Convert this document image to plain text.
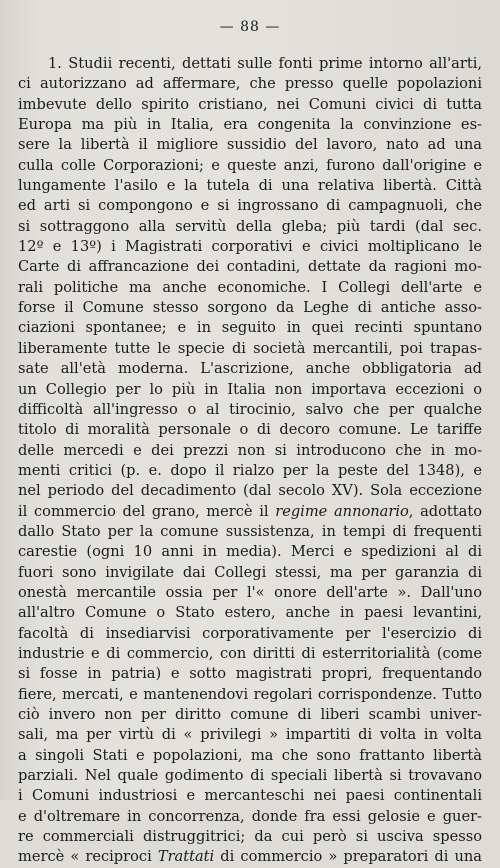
— 88 —
1. Studii recenti, dettati sulle fonti prime intorno all'arti,
ci autorizzano ad affermare, che presso quelle popolazioni
imbevute dello spirito cristiano, nei Comuni civici di tutta
Europa ma più in Italia, era congenita la convinzione es-
sere la libertà il migliore sussidio del lavoro, nato ad una
culla colle Corporazioni; e queste anzi, furono dall'origine e
lungamente l'asilo e la tutela di una relativa libertà. Città
ed arti si compongono e si ingrossano di campagnuoli, che
si sottraggono alla servitù della gleba; più tardi (dal sec.
12º e 13º) i Magistrati corporativi e civici moltiplicano le
Carte di affrancazione dei contadini, dettate da ragioni mo-
rali politiche ma anche economiche. I Collegi dell'arte e
forse il Comune stesso sorgono da Leghe di antiche asso-
ciazioni spontanee; e in seguito in quei recinti spuntano
liberamente tutte le specie di società mercantili, poi trapas-
sate all'età moderna. L'ascrizione, anche obbligatoria ad
un Collegio per lo più in Italia non importava eccezioni o
difficoltà all'ingresso o al tirocinio, salvo che per qualche
titolo di moralità personale o di decoro comune. Le tariffe
delle mercedi e dei prezzi non si introducono che in mo-
menti critici (p. e. dopo il rialzo per la peste del 1348), e
nel periodo del decadimento (dal secolo XV). Sola eccezione
il commercio del grano, mercè il regime annonario, adottato
dallo Stato per la comune sussistenza, in tempi di frequenti
carestie (ogni 10 anni in media). Merci e spedizioni al di
fuori sono invigilate dai Collegi stessi, ma per garanzia di
onestà mercantile ossia per l'« onore dell'arte ». Dall'uno
all'altro Comune o Stato estero, anche in paesi levantini,
facoltà di insediarvisi corporativamente per l'esercizio di
industrie e di commercio, con diritti di esterritorialità (come
si fosse in patria) e sotto magistrati propri, frequentando
fiere, mercati, e mantenendovi regolari corrispondenze. Tutto
ciò invero non per diritto comune di liberi scambi univer-
sali, ma per virtù di « privilegi » impartiti di volta in volta
a singoli Stati e popolazioni, ma che sono frattanto libertà
parziali. Nel quale godimento di speciali libertà si trovavano
i Comuni industriosi e mercanteschi nei paesi continentali
e d'oltremare in concorrenza, donde fra essi gelosie e guer-
re commerciali distruggitrici; da cui però si usciva spesso
mercè « reciproci Trattati di commercio » preparatori di una
